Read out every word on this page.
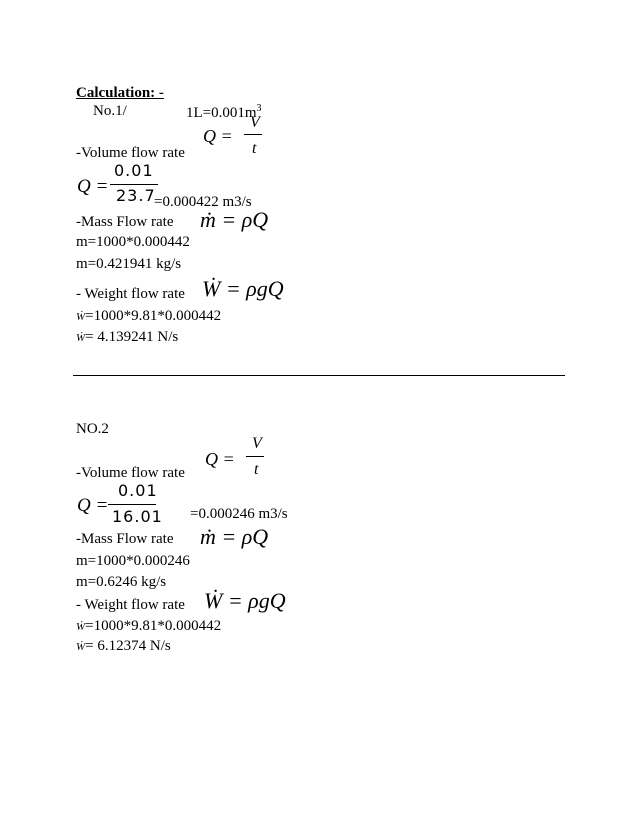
Calculation: -
No.1/	$1L=0.001m^3$
Q =
V
t
-Volume flow rate
Q =
0.01
23.7
=0.000422 m3/s
-Mass Flow rate ṁ = ρQ
m=1000*0.000442
m=0.421941 kg/s
- Weight flow rate Ẇ = ρgQ
Ẇ=1000*9.81*0.000442
Ẇ= 4.139241 N/s
NO.2
Q =
V
t
-Volume flow rate
Q =
0.01
16.01 =0.000246 m3/s
-Mass Flow rate ṁ = ρQ
m=1000*0.000246
m=0.6246 kg/s
- Weight flow rate Ẇ = ρgQ
Ẇ=1000*9.81*0.000442
Ẇ= 6.12374 N/s
